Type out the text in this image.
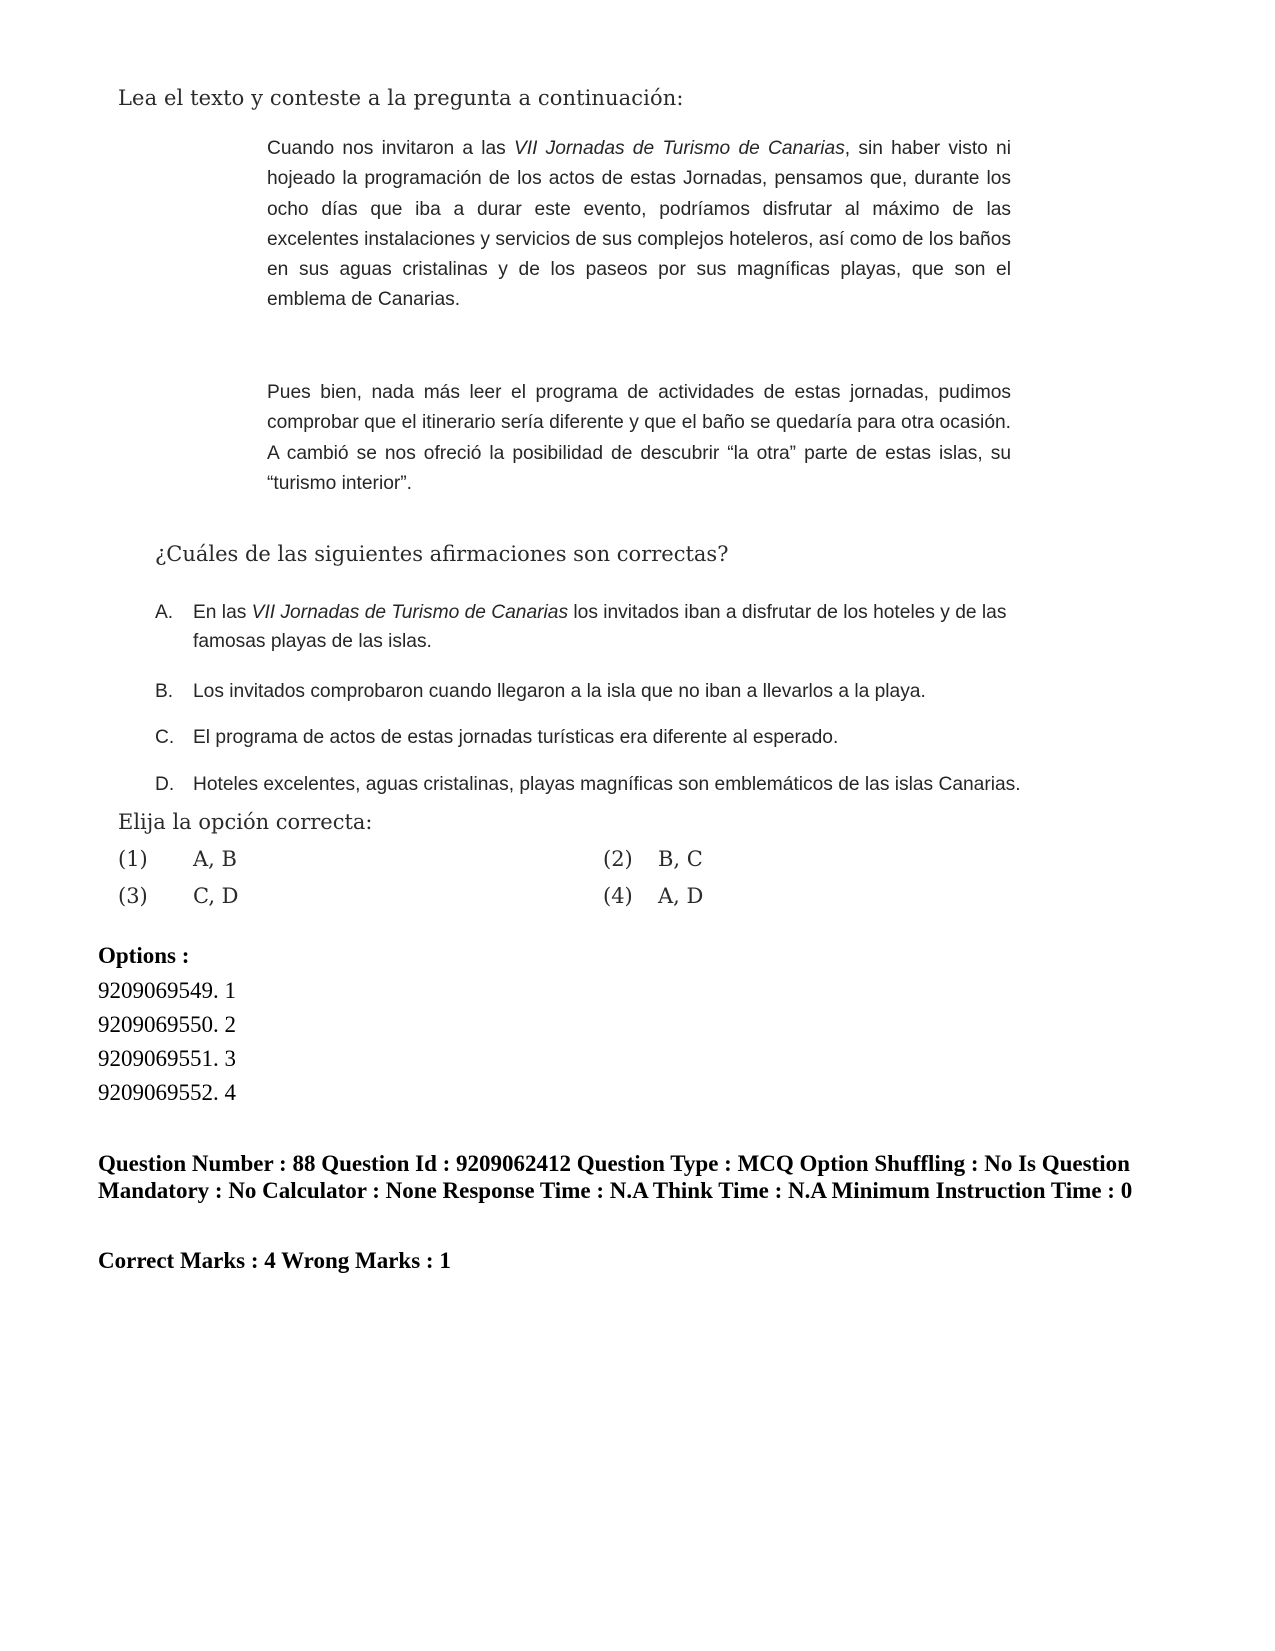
Lea el texto y conteste a la pregunta a continuación:
Cuando nos invitaron a las VII Jornadas de Turismo de Canarias, sin haber visto ni hojeado la programación de los actos de estas Jornadas, pensamos que, durante los ocho días que iba a durar este evento, podríamos disfrutar al máximo de las excelentes instalaciones y servicios de sus complejos hoteleros, así como de los baños en sus aguas cristalinas y de los paseos por sus magníficas playas, que son el emblema de Canarias.
Pues bien, nada más leer el programa de actividades de estas jornadas, pudimos comprobar que el itinerario sería diferente y que el baño se quedaría para otra ocasión. A cambió se nos ofreció la posibilidad de descubrir “la otra” parte de estas islas, su “turismo interior”.
¿Cuáles de las siguientes afirmaciones son correctas?
A.	En las VII Jornadas de Turismo de Canarias los invitados iban a disfrutar de los hoteles y de las famosas playas de las islas.
B.	Los invitados comprobaron cuando llegaron a la isla que no iban a llevarlos a la playa.
C. El programa de actos de estas jornadas turísticas era diferente al esperado.
D. Hoteles excelentes, aguas cristalinas, playas magníficas son emblemáticos de las islas Canarias.
Elija la opción correcta:
(1) A, B	(2) B, C
(3) C, D	(4) A, D
Options :
9209069549. 1
9209069550. 2
9209069551. 3
9209069552. 4
Question Number : 88 Question Id : 9209062412 Question Type : MCQ Option Shuffling : No Is Question Mandatory : No Calculator : None Response Time : N.A Think Time : N.A Minimum Instruction Time : 0
Correct Marks : 4 Wrong Marks : 1
